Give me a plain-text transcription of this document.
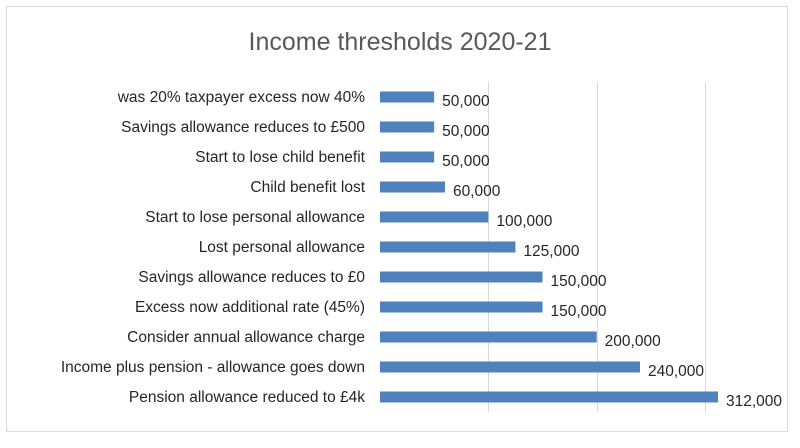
Income thresholds 2020-21
was 20% taxpayer excess now 40%
Savings allowance reduces to £500
Start to lose child benefit
Child benefit lost
Start to lose personal allowance
Lost personal allowance
Savings allowance reduces to £0
Excess now additional rate (45%)
Consider annual allowance charge
Income plus pension - allowance goes down
Pension allowance reduced to £4k
50,000
50,000
50,000
60,000
100,000
125,000
150,000
150,000
200,000
240,000
312,000
